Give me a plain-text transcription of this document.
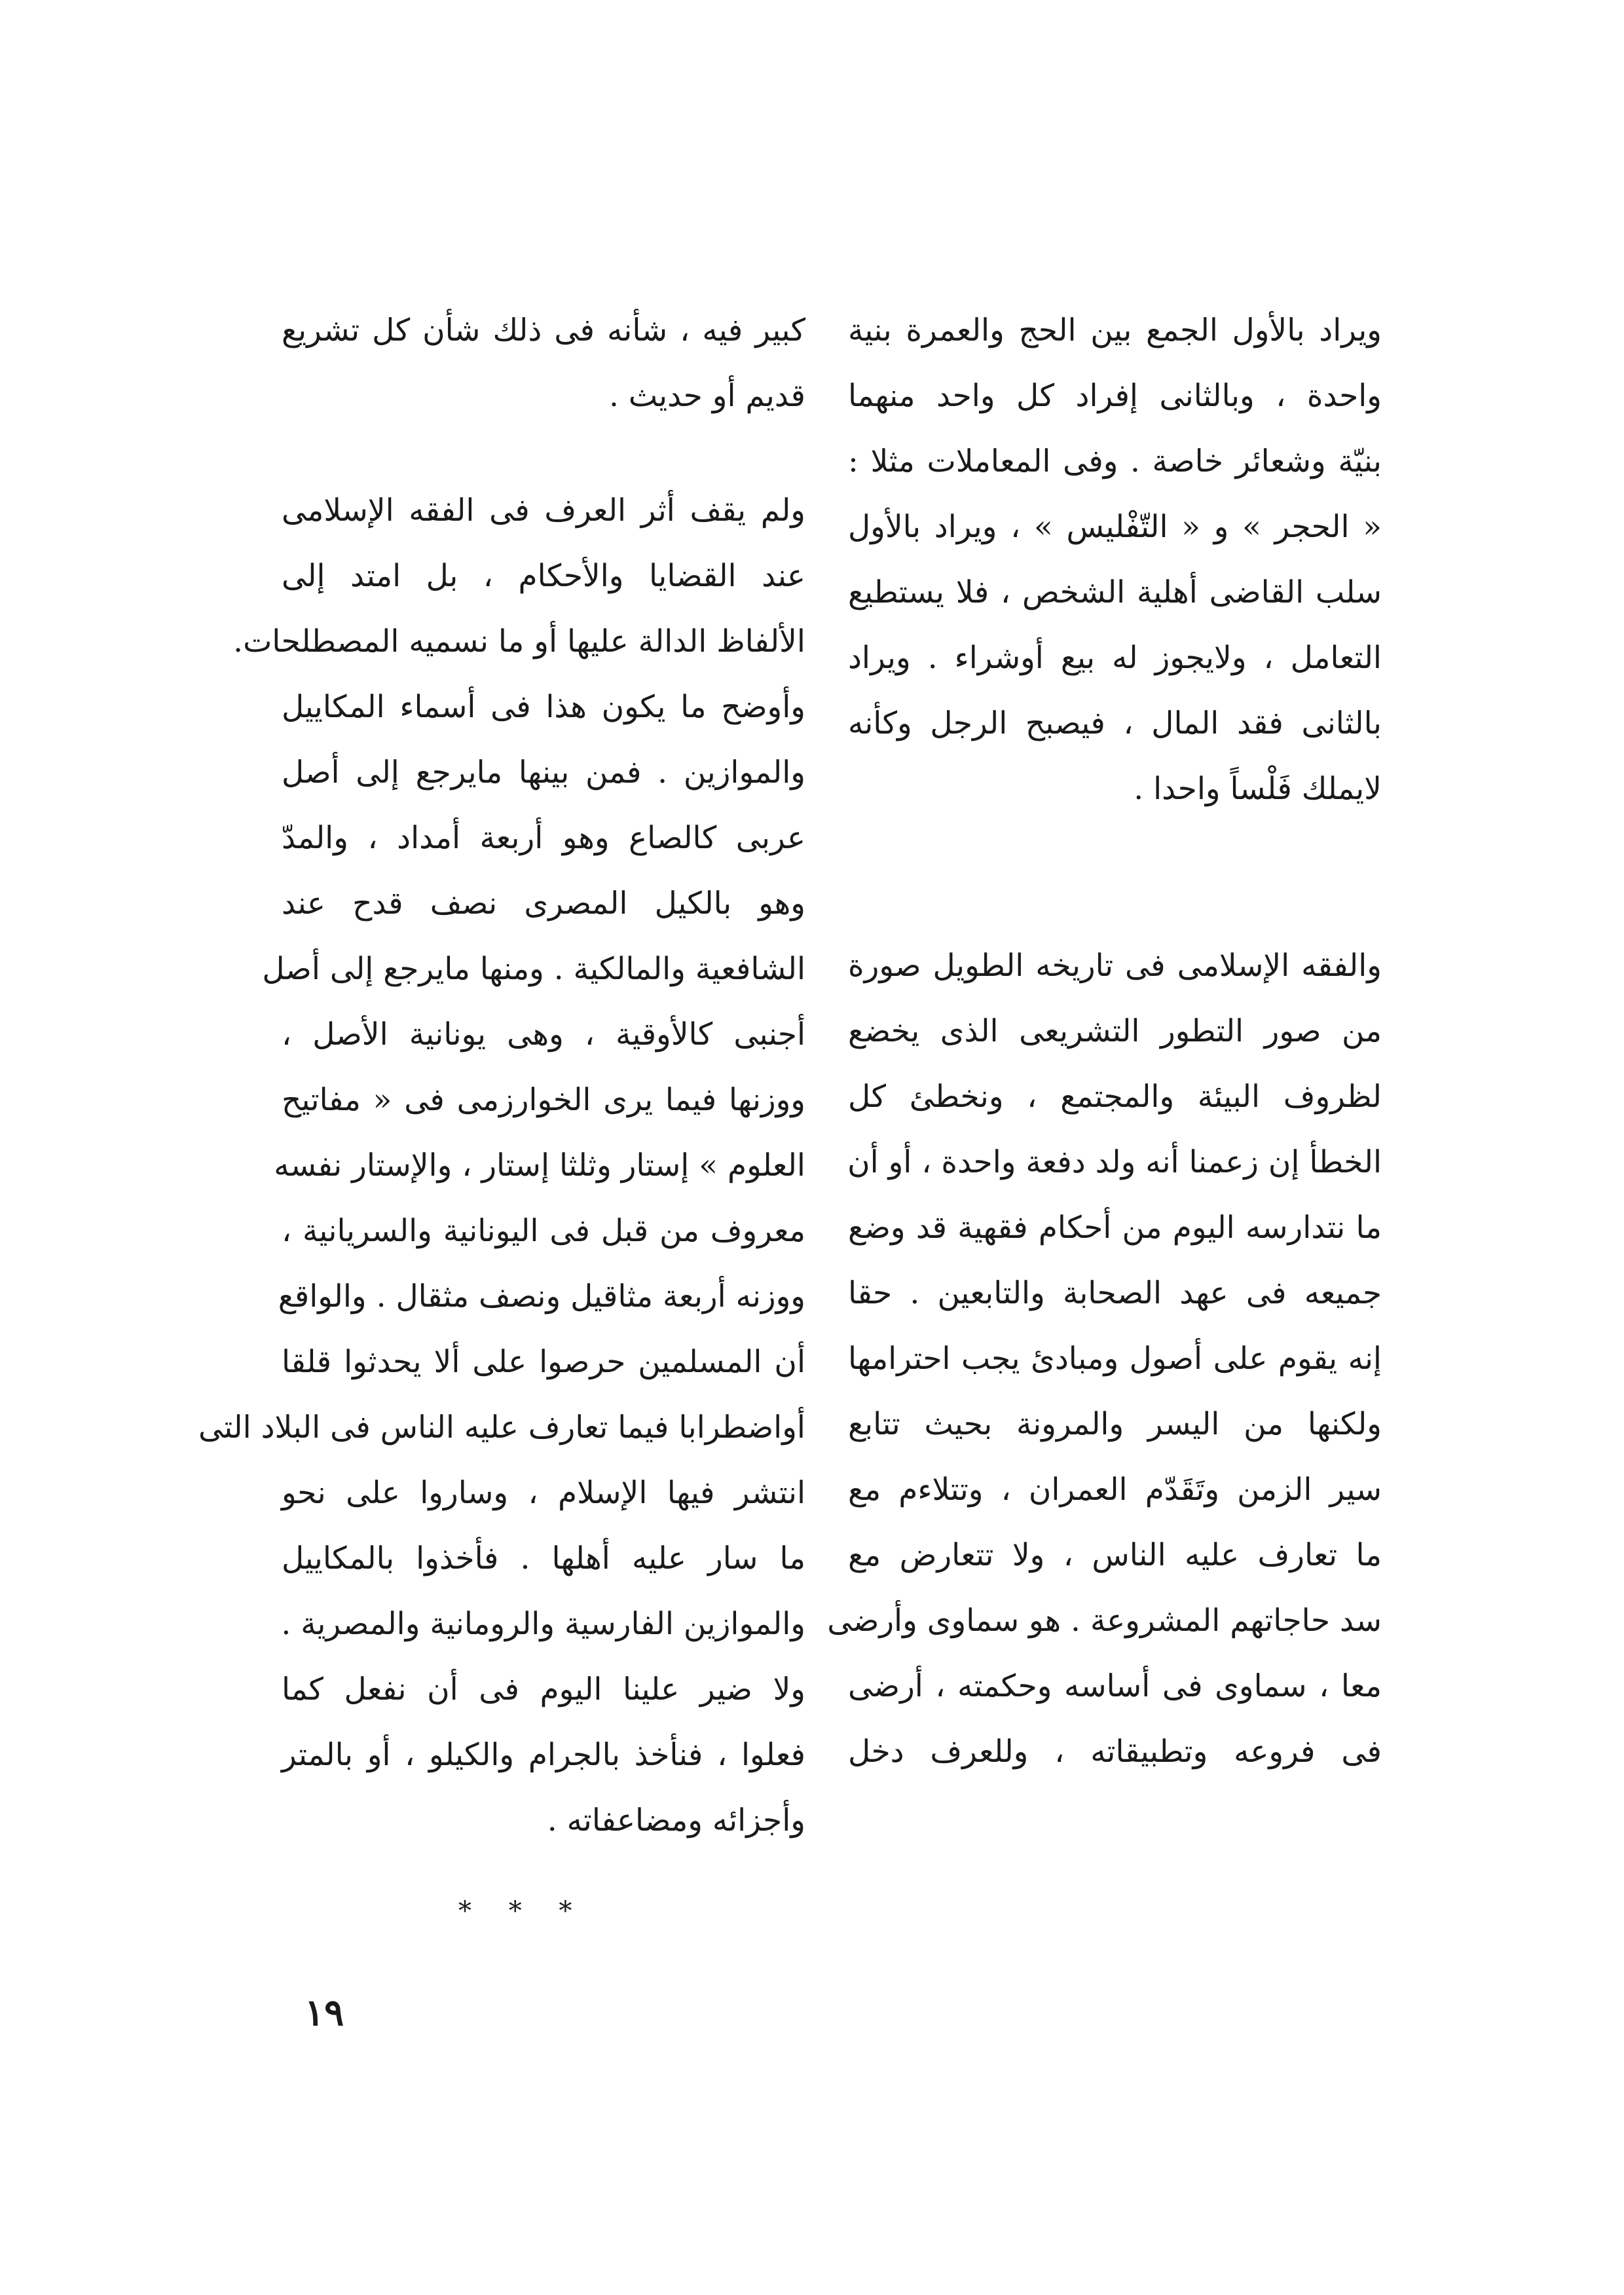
ويراد بالأول الجمع بين الحج والعمرة بنية
واحدة ، وبالثانى إفراد كل واحد منهما
بنيّة وشعائر خاصة . وفى المعاملات مثلا :
« الحجر » و « التّفْليس » ، ويراد بالأول
سلب القاضى أهلية الشخص ، فلا يستطيع
التعامل ، ولايجوز له بيع أوشراء . ويراد
بالثانى فقد المال ، فيصبح الرجل وكأنه
لايملك فَلْساً واحدا .
والفقه الإسلامى فى تاريخه الطويل صورة
من صور التطور التشريعى الذى يخضع
لظروف البيئة والمجتمع ، ونخطئ كل
الخطأ إن زعمنا أنه ولد دفعة واحدة ، أو أن
ما نتدارسه اليوم من أحكام فقهية قد وضع
جميعه فى عهد الصحابة والتابعين . حقا
إنه يقوم على أصول ومبادئ يجب احترامها
ولكنها من اليسر والمرونة بحيث تتابع
سير الزمن وتَقَدّم العمران ، وتتلاءم مع
ما تعارف عليه الناس ، ولا تتعارض مع
سد حاجاتهم المشروعة . هو سماوى وأرضى
معا ، سماوى فى أساسه وحكمته ، أرضى
فى فروعه وتطبيقاته ، وللعرف دخل
كبير فيه ، شأنه فى ذلك شأن كل تشريع
قديم أو حديث .
ولم يقف أثر العرف فى الفقه الإسلامى
عند القضايا والأحكام ، بل امتد إلى
الألفاظ الدالة عليها أو ما نسميه المصطلحات.
وأوضح ما يكون هذا فى أسماء المكاييل
والموازين . فمن بينها مايرجع إلى أصل
عربى كالصاع وهو أربعة أمداد ، والمدّ
وهو بالكيل المصرى نصف قدح عند
الشافعية والمالكية . ومنها مايرجع إلى أصل
أجنبى كالأوقية ، وهى يونانية الأصل ،
ووزنها فيما يرى الخوارزمى فى « مفاتيح
العلوم » إستار وثلثا إستار ، والإستار نفسه
معروف من قبل فى اليونانية والسريانية ،
ووزنه أربعة مثاقيل ونصف مثقال . والواقع
أن المسلمين حرصوا على ألا يحدثوا قلقا
أواضطرابا فيما تعارف عليه الناس فى البلاد التى
انتشر فيها الإسلام ، وساروا على نحو
ما سار عليه أهلها . فأخذوا بالمكاييل
والموازين الفارسية والرومانية والمصرية .
ولا ضير علينا اليوم فى أن نفعل كما
فعلوا ، فنأخذ بالجرام والكيلو ، أو بالمتر
وأجزائه ومضاعفاته .
* * *
١٩
